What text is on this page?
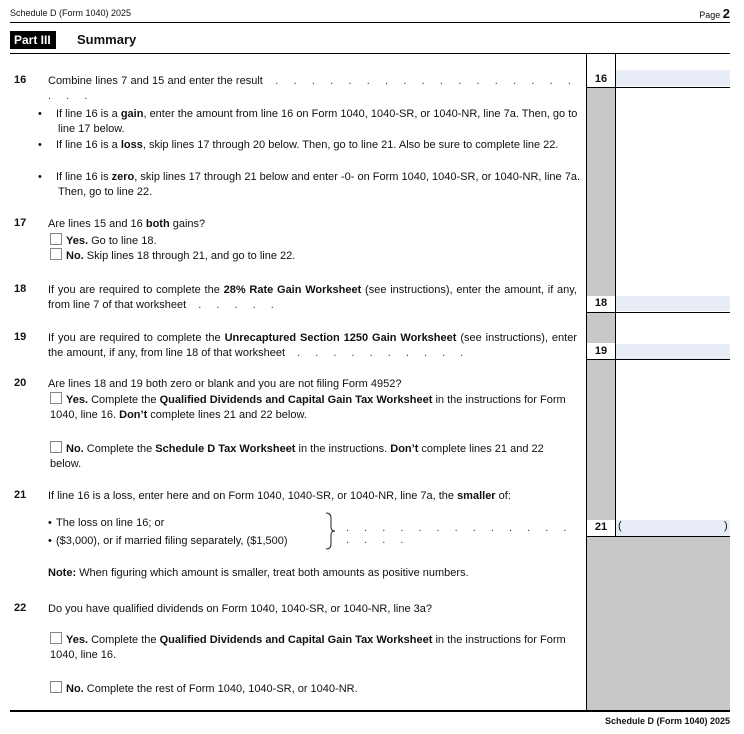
Schedule D (Form 1040) 2025	Page 2
Part III	Summary
16 Combine lines 7 and 15 and enter the result  . . . . . . . . . . . . . . . . . . . .
16
• If line 16 is a gain, enter the amount from line 16 on Form 1040, 1040-SR, or 1040-NR, line 7a. Then, go to line 17 below.
• If line 16 is a loss, skip lines 17 through 20 below. Then, go to line 21. Also be sure to complete line 22.
• If line 16 is zero, skip lines 17 through 21 below and enter -0- on Form 1040, 1040-SR, or 1040-NR, line 7a. Then, go to line 22.
17 Are lines 15 and 16 both gains?
Yes. Go to line 18.
No. Skip lines 18 through 21, and go to line 22.
18 If you are required to complete the 28% Rate Gain Worksheet (see instructions), enter the amount, if any, from line 7 of that worksheet  . . . . .	18
19 If you are required to complete the Unrecaptured Section 1250 Gain Worksheet (see instructions), enter the amount, if any, from line 18 of that worksheet  . . . . . . . . . .	19
20 Are lines 18 and 19 both zero or blank and you are not filing Form 4952?
Yes. Complete the Qualified Dividends and Capital Gain Tax Worksheet in the instructions for Form 1040, line 16. Don’t complete lines 21 and 22 below.
No. Complete the Schedule D Tax Worksheet in the instructions. Don’t complete lines 21 and 22 below.
21 If line 16 is a loss, enter here and on Form 1040, 1040-SR, or 1040-NR, line 7a, the smaller of:
• The loss on line 16; or
• ($3,000), or if married filing separately, ($1,500)
. . . . . . . . . . . . . . . . .
21 (	)
Note: When figuring which amount is smaller, treat both amounts as positive numbers.
22 Do you have qualified dividends on Form 1040, 1040-SR, or 1040-NR, line 3a?
Yes. Complete the Qualified Dividends and Capital Gain Tax Worksheet in the instructions for Form 1040, line 16.
No. Complete the rest of Form 1040, 1040-SR, or 1040-NR.
Schedule D (Form 1040) 2025
